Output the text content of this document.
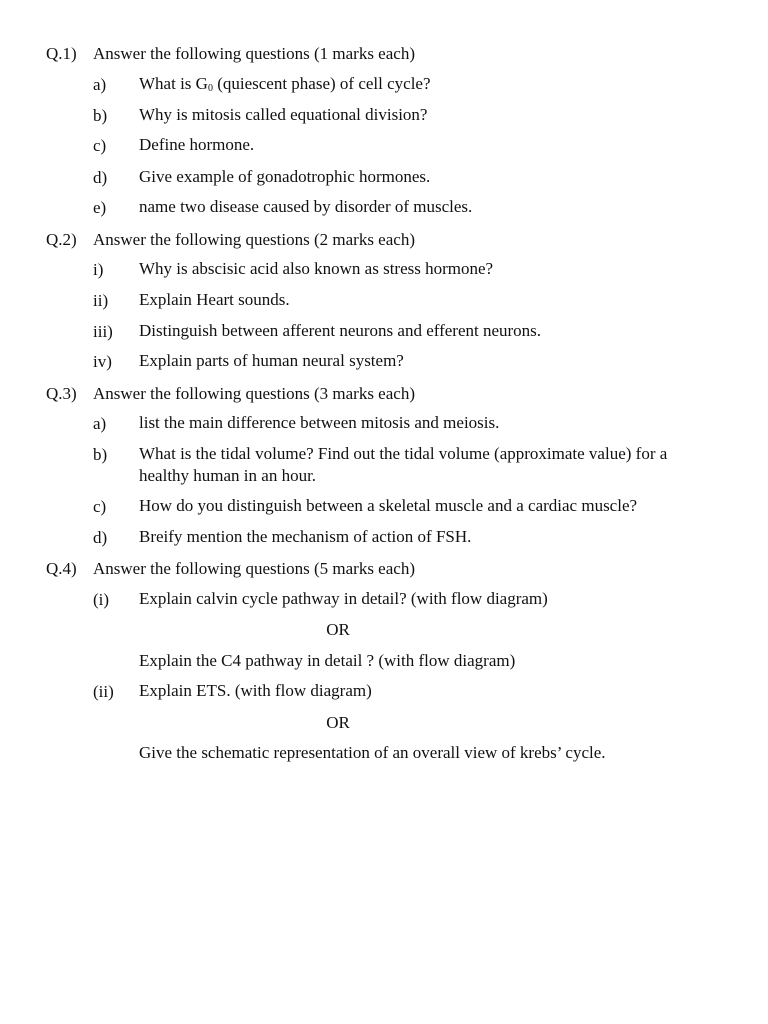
Q.1) Answer the following questions (1 marks each)
a) What is $G_0$ (quiescent phase) of cell cycle?
b) Why is mitosis called equational division?
c) Define hormone.
d) Give example of gonadotrophic hormones.
e) name two disease caused by disorder of muscles.
Q.2) Answer the following questions (2 marks each)
i) Why is abscisic acid also known as stress hormone?
ii) Explain Heart sounds.
iii) Distinguish between afferent neurons and efferent neurons.
iv) Explain parts of human neural system?
Q.3) Answer the following questions (3 marks each)
a) list the main difference between mitosis and meiosis.
b) What is the tidal volume? Find out the tidal volume (approximate value) for a healthy human in an hour.
c) How do you distinguish between a skeletal muscle and a cardiac muscle?
d) Breify mention the mechanism of action of FSH.
Q.4) Answer the following questions (5 marks each)
(i) Explain calvin cycle pathway in detail? (with flow diagram)
OR
Explain the C4 pathway in detail ? (with flow diagram)
(ii) Explain ETS. (with flow diagram)
OR
Give the schematic representation of an overall view of krebs’ cycle.
